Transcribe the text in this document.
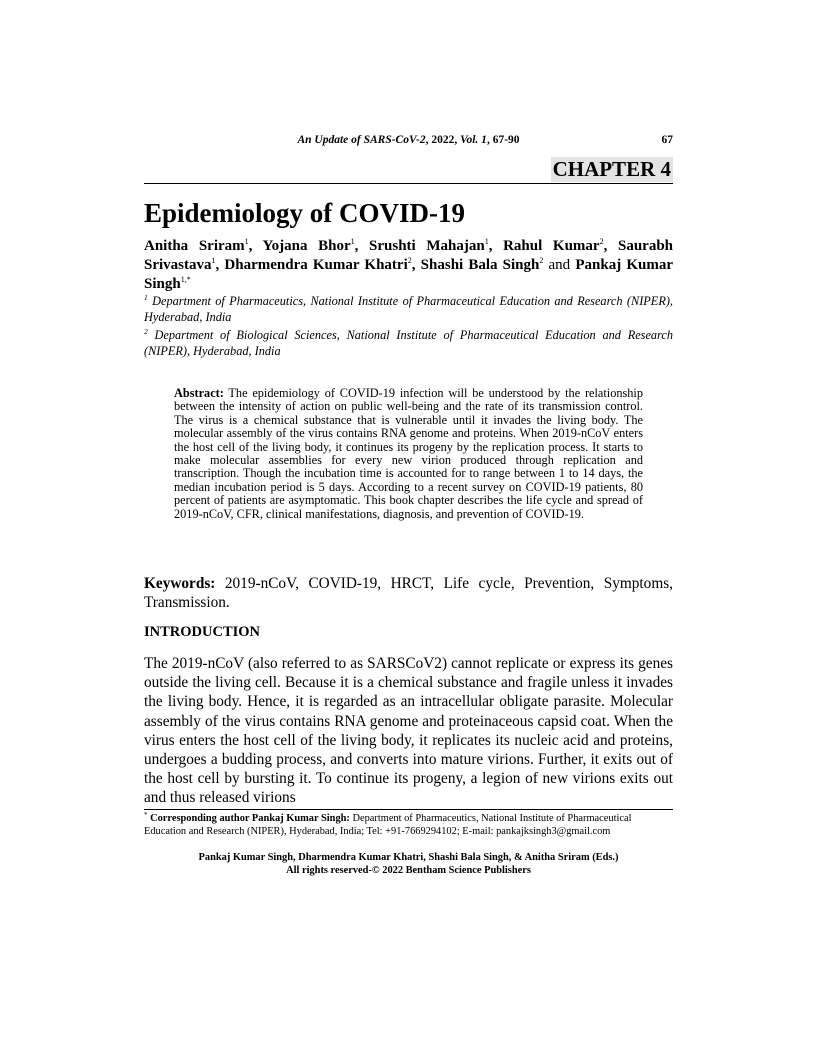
An Update of SARS-CoV-2, 2022, Vol. 1, 67-90	67
CHAPTER 4
Epidemiology of COVID-19

Anitha Sriram$^1$, Yojana Bhor$^1$, Srushti Mahajan$^1$, Rahul Kumar$^2$, Saurabh Srivastava$^1$, Dharmendra Kumar Khatri$^2$, Shashi Bala Singh$^2$ and Pankaj Kumar Singh$^{1,*}$

$^1$ Department of Pharmaceutics, National Institute of Pharmaceutical Education and Research (NIPER), Hyderabad, India

$^2$ Department of Biological Sciences, National Institute of Pharmaceutical Education and Research (NIPER), Hyderabad, India

Abstract: The epidemiology of COVID-19 infection will be understood by the relationship between the intensity of action on public well-being and the rate of its transmission control. The virus is a chemical substance that is vulnerable until it invades the living body. The molecular assembly of the virus contains RNA genome and proteins. When 2019-nCoV enters the host cell of the living body, it continues its progeny by the replication process. It starts to make molecular assemblies for every new virion produced through replication and transcription. Though the incubation time is accounted for to range between 1 to 14 days, the median incubation period is 5 days. According to a recent survey on COVID-19 patients, 80 percent of patients are asymptomatic. This book chapter describes the life cycle and spread of 2019-nCoV, CFR, clinical manifestations, diagnosis, and prevention of COVID-19.

Keywords: 2019-nCoV, COVID-19, HRCT, Life cycle, Prevention, Symptoms, Transmission.

INTRODUCTION

The 2019-nCoV (also referred to as SARSCoV2) cannot replicate or express its genes outside the living cell. Because it is a chemical substance and fragile unless it invades the living body. Hence, it is regarded as an intracellular obligate parasite. Molecular assembly of the virus contains RNA genome and proteinaceous capsid coat. When the virus enters the host cell of the living body, it replicates its nucleic acid and proteins, undergoes a budding process, and converts into mature virions. Further, it exits out of the host cell by bursting it. To continue its progeny, a legion of new virions exits out and thus released virions

* Corresponding author Pankaj Kumar Singh: Department of Pharmaceutics, National Institute of Pharmaceutical Education and Research (NIPER), Hyderabad, India; Tel: +91-7669294102; E-mail: pankajksingh3@gmail.com

Pankaj Kumar Singh, Dharmendra Kumar Khatri, Shashi Bala Singh, & Anitha Sriram (Eds.)
All rights reserved-© 2022 Bentham Science Publishers
